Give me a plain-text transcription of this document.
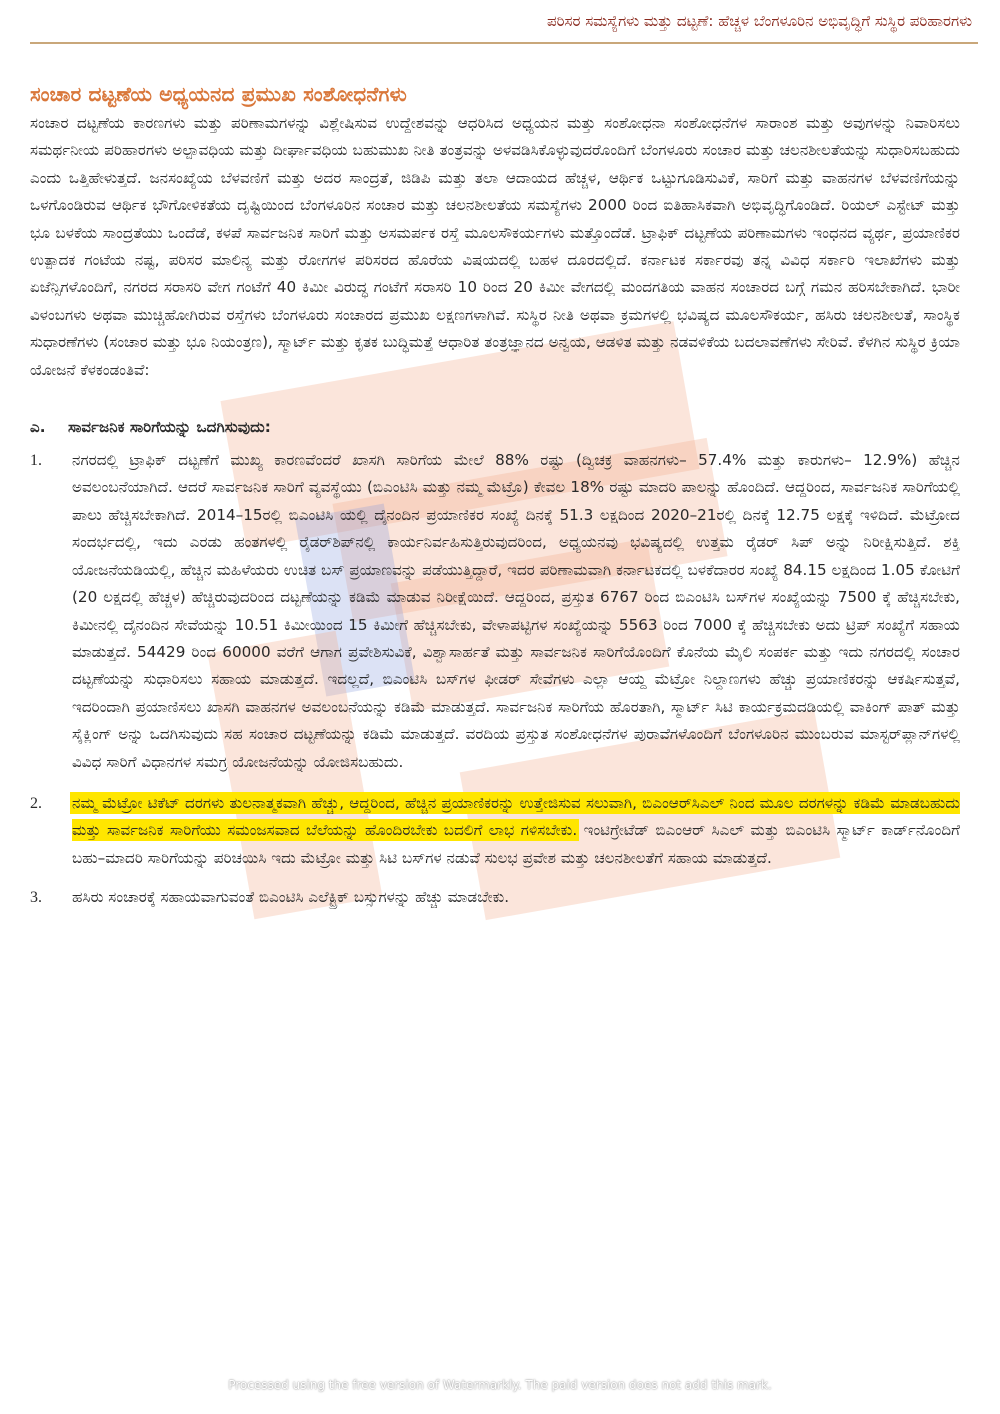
ಪರಿಸರ ಸಮಸ್ಯೆಗಳು ಮತ್ತು ದಟ್ಟಣೆ: ಹೆಚ್ಚಳ ಬೆಂಗಳೂರಿನ ಅಭಿವೃದ್ಧಿಗೆ ಸುಸ್ಥಿರ ಪರಿಹಾರಗಳು
ಸಂಚಾರ ದಟ್ಟಣೆಯ ಅಧ್ಯಯನದ ಪ್ರಮುಖ ಸಂಶೋಧನೆಗಳು

ಸಂಚಾರ ದಟ್ಟಣೆಯ ಕಾರಣಗಳು ಮತ್ತು ಪರಿಣಾಮಗಳನ್ನು ವಿಶ್ಲೇಷಿಸುವ ಉದ್ದೇಶವನ್ನು ಆಧರಿಸಿದ ಅಧ್ಯಯನ ಮತ್ತು ಸಂಶೋಧನಾ ಸಂಶೋಧನೆಗಳ ಸಾರಾಂಶ ಮತ್ತು ಅವುಗಳನ್ನು ನಿವಾರಿಸಲು ಸಮರ್ಥನೀಯ ಪರಿಹಾರಗಳು ಅಲ್ಪಾವಧಿಯ ಮತ್ತು ದೀರ್ಘಾವಧಿಯ ಬಹುಮುಖ ನೀತಿ ತಂತ್ರವನ್ನು ಅಳವಡಿಸಿಕೊಳ್ಳುವುದರೊಂದಿಗೆ ಬೆಂಗಳೂರು ಸಂಚಾರ ಮತ್ತು ಚಲನಶೀಲತೆಯನ್ನು ಸುಧಾರಿಸಬಹುದು ಎಂದು ಒತ್ತಿಹೇಳುತ್ತದೆ. ಜನಸಂಖ್ಯೆಯ ಬೆಳವಣಿಗೆ ಮತ್ತು ಅದರ ಸಾಂದ್ರತೆ, ಜಿಡಿಪಿ ಮತ್ತು ತಲಾ ಆದಾಯದ ಹೆಚ್ಚಳ, ಆರ್ಥಿಕ ಒಟ್ಟುಗೂಡಿಸುವಿಕೆ, ಸಾರಿಗೆ ಮತ್ತು ವಾಹನಗಳ ಬೆಳವಣಿಗೆಯನ್ನು ಒಳಗೊಂಡಿರುವ ಆರ್ಥಿಕ ಭೌಗೋಳಿಕತೆಯ ದೃಷ್ಟಿಯಿಂದ ಬೆಂಗಳೂರಿನ ಸಂಚಾರ ಮತ್ತು ಚಲನಶೀಲತೆಯ ಸಮಸ್ಯೆಗಳು 2000 ರಿಂದ ಐತಿಹಾಸಿಕವಾಗಿ ಅಭಿವೃದ್ಧಿಗೊಂಡಿದೆ. ರಿಯಲ್ ಎಸ್ಟೇಟ್ ಮತ್ತು ಭೂ ಬಳಕೆಯ ಸಾಂದ್ರತೆಯು ಒಂದೆಡೆ, ಕಳಪೆ ಸಾರ್ವಜನಿಕ ಸಾರಿಗೆ ಮತ್ತು ಅಸಮರ್ಪಕ ರಸ್ತೆ ಮೂಲಸೌಕರ್ಯಗಳು ಮತ್ತೊಂದೆಡೆ. ಟ್ರಾಫಿಕ್ ದಟ್ಟಣೆಯ ಪರಿಣಾಮಗಳು ಇಂಧನದ ವ್ಯರ್ಥ, ಪ್ರಯಾಣಿಕರ ಉತ್ಪಾದಕ ಗಂಟೆಯ ನಷ್ಟ, ಪರಿಸರ ಮಾಲಿನ್ಯ ಮತ್ತು ರೋಗಗಳ ಪರಿಸರದ ಹೊರೆಯ ವಿಷಯದಲ್ಲಿ ಬಹಳ ದೂರದಲ್ಲಿದೆ. ಕರ್ನಾಟಕ ಸರ್ಕಾರವು ತನ್ನ ವಿವಿಧ ಸರ್ಕಾರಿ ಇಲಾಖೆಗಳು ಮತ್ತು ಏಜೆನ್ಸಿಗಳೊಂದಿಗೆ, ನಗರದ ಸರಾಸರಿ ವೇಗ ಗಂಟೆಗೆ 40 ಕಿಮೀ ವಿರುದ್ಧ ಗಂಟೆಗೆ ಸರಾಸರಿ 10 ರಿಂದ 20 ಕಿಮೀ ವೇಗದಲ್ಲಿ ಮಂದಗತಿಯ ವಾಹನ ಸಂಚಾರದ ಬಗ್ಗೆ ಗಮನ ಹರಿಸಬೇಕಾಗಿದೆ. ಭಾರೀ ವಿಳಂಬಗಳು ಅಥವಾ ಮುಚ್ಚಿಹೋಗಿರುವ ರಸ್ತೆಗಳು ಬೆಂಗಳೂರು ಸಂಚಾರದ ಪ್ರಮುಖ ಲಕ್ಷಣಗಳಾಗಿವೆ. ಸುಸ್ಥಿರ ನೀತಿ ಅಥವಾ ಕ್ರಮಗಳಲ್ಲಿ ಭವಿಷ್ಯದ ಮೂಲಸೌಕರ್ಯ, ಹಸಿರು ಚಲನಶೀಲತೆ, ಸಾಂಸ್ಥಿಕ ಸುಧಾರಣೆಗಳು (ಸಂಚಾರ ಮತ್ತು ಭೂ ನಿಯಂತ್ರಣ), ಸ್ಮಾರ್ಟ್ ಮತ್ತು ಕೃತಕ ಬುದ್ಧಿಮತ್ತೆ ಆಧಾರಿತ ತಂತ್ರಜ್ಞಾನದ ಅನ್ವಯ, ಆಡಳಿತ ಮತ್ತು ನಡವಳಿಕೆಯ ಬದಲಾವಣೆಗಳು ಸೇರಿವೆ. ಕೆಳಗಿನ ಸುಸ್ಥಿರ ಕ್ರಿಯಾ ಯೋಜನೆ ಕೆಳಕಂಡಂತಿವೆ:

ಎ.	ಸಾರ್ವಜನಿಕ ಸಾರಿಗೆಯನ್ನು ಒದಗಿಸುವುದು:
1.	ನಗರದಲ್ಲಿ ಟ್ರಾಫಿಕ್ ದಟ್ಟಣೆಗೆ ಮುಖ್ಯ ಕಾರಣವೆಂದರೆ ಖಾಸಗಿ ಸಾರಿಗೆಯ ಮೇಲೆ 88% ರಷ್ಟು (ದ್ವಿಚಕ್ರ ವಾಹನಗಳು– 57.4% ಮತ್ತು ಕಾರುಗಳು– 12.9%) ಹೆಚ್ಚಿನ ಅವಲಂಬನೆಯಾಗಿದೆ. ಆದರೆ ಸಾರ್ವಜನಿಕ ಸಾರಿಗೆ ವ್ಯವಸ್ಥೆಯು (ಬಿಎಂಟಿಸಿ ಮತ್ತು ನಮ್ಮ ಮೆಟ್ರೊ) ಕೇವಲ 18% ರಷ್ಟು ಮಾದರಿ ಪಾಲನ್ನು ಹೊಂದಿದೆ. ಆದ್ದರಿಂದ, ಸಾರ್ವಜನಿಕ ಸಾರಿಗೆಯಲ್ಲಿ ಪಾಲು ಹೆಚ್ಚಿಸಬೇಕಾಗಿದೆ. 2014–15ರಲ್ಲಿ ಬಿಎಂಟಿಸಿ ಯಲ್ಲಿ ದೈನಂದಿನ ಪ್ರಯಾಣಿಕರ ಸಂಖ್ಯೆ ದಿನಕ್ಕೆ 51.3 ಲಕ್ಷದಿಂದ 2020–21ರಲ್ಲಿ ದಿನಕ್ಕೆ 12.75 ಲಕ್ಷಕ್ಕೆ ಇಳಿದಿದೆ. ಮೆಟ್ರೋದ ಸಂದರ್ಭದಲ್ಲಿ, ಇದು ಎರಡು ಹಂತಗಳಲ್ಲಿ ರೈಡರ್‌ಶಿಪ್‌ನಲ್ಲಿ ಕಾರ್ಯನಿರ್ವಹಿಸುತ್ತಿರುವುದರಿಂದ, ಅಧ್ಯಯನವು ಭವಿಷ್ಯದಲ್ಲಿ ಉತ್ತಮ ರೈಡರ್ ಸಿಪ್ ಅನ್ನು ನಿರೀಕ್ಷಿಸುತ್ತಿದೆ. ಶಕ್ತಿ ಯೋಜನೆಯಡಿಯಲ್ಲಿ, ಹೆಚ್ಚಿನ ಮಹಿಳೆಯರು ಉಚಿತ ಬಸ್ ಪ್ರಯಾಣವನ್ನು ಪಡೆಯುತ್ತಿದ್ದಾರೆ, ಇದರ ಪರಿಣಾಮವಾಗಿ ಕರ್ನಾಟಕದಲ್ಲಿ ಬಳಕೆದಾರರ ಸಂಖ್ಯೆ 84.15 ಲಕ್ಷದಿಂದ 1.05 ಕೋಟಿಗೆ (20 ಲಕ್ಷದಲ್ಲಿ ಹೆಚ್ಚಳ) ಹೆಚ್ಚಿರುವುದರಿಂದ ದಟ್ಟಣೆಯನ್ನು ಕಡಿಮೆ ಮಾಡುವ ನಿರೀಕ್ಷೆಯಿದೆ. ಆದ್ದರಿಂದ, ಪ್ರಸ್ತುತ 6767 ರಿಂದ ಬಿಎಂಟಿಸಿ ಬಸ್‌ಗಳ ಸಂಖ್ಯೆಯನ್ನು 7500 ಕ್ಕೆ ಹೆಚ್ಚಿಸಬೇಕು, ಕಿಮೀನಲ್ಲಿ ದೈನಂದಿನ ಸೇವೆಯನ್ನು 10.51 ಕಿಮೀಯಿಂದ 15 ಕಿಮೀಗೆ ಹೆಚ್ಚಿಸಬೇಕು, ವೇಳಾಪಟ್ಟಿಗಳ ಸಂಖ್ಯೆಯನ್ನು 5563 ರಿಂದ 7000 ಕ್ಕೆ ಹೆಚ್ಚಿಸಬೇಕು ಅದು ಟ್ರಿಪ್ ಸಂಖ್ಯೆಗೆ ಸಹಾಯ ಮಾಡುತ್ತದೆ. 54429 ರಿಂದ 60000 ವರೆಗೆ ಆಗಾಗ ಪ್ರವೇಶಿಸುವಿಕೆ, ವಿಶ್ವಾಸಾರ್ಹತೆ ಮತ್ತು ಸಾರ್ವಜನಿಕ ಸಾರಿಗೆಯೊಂದಿಗೆ ಕೊನೆಯ ಮೈಲಿ ಸಂಪರ್ಕ ಮತ್ತು ಇದು ನಗರದಲ್ಲಿ ಸಂಚಾರ ದಟ್ಟಣೆಯನ್ನು ಸುಧಾರಿಸಲು ಸಹಾಯ ಮಾಡುತ್ತದೆ. ಇದಲ್ಲದೆ, ಬಿಎಂಟಿಸಿ ಬಸ್‌ಗಳ ಫೀಡರ್ ಸೇವೆಗಳು ಎಲ್ಲಾ ಆಯ್ದ ಮೆಟ್ರೋ ನಿಲ್ದಾಣಗಳು ಹೆಚ್ಚು ಪ್ರಯಾಣಿಕರನ್ನು ಆಕರ್ಷಿಸುತ್ತವೆ, ಇದರಿಂದಾಗಿ ಪ್ರಯಾಣಿಸಲು ಖಾಸಗಿ ವಾಹನಗಳ ಅವಲಂಬನೆಯನ್ನು ಕಡಿಮೆ ಮಾಡುತ್ತದೆ. ಸಾರ್ವಜನಿಕ ಸಾರಿಗೆಯ ಹೊರತಾಗಿ, ಸ್ಮಾರ್ಟ್ ಸಿಟಿ ಕಾರ್ಯಕ್ರಮದಡಿಯಲ್ಲಿ ವಾಕಿಂಗ್ ಪಾತ್ ಮತ್ತು ಸೈಕ್ಲಿಂಗ್ ಅನ್ನು ಒದಗಿಸುವುದು ಸಹ ಸಂಚಾರ ದಟ್ಟಣೆಯನ್ನು ಕಡಿಮೆ ಮಾಡುತ್ತದೆ. ವರದಿಯ ಪ್ರಸ್ತುತ ಸಂಶೋಧನೆಗಳ ಪುರಾವೆಗಳೊಂದಿಗೆ ಬೆಂಗಳೂರಿನ ಮುಂಬರುವ ಮಾಸ್ಟರ್‌ಪ್ಲಾನ್‌ಗಳಲ್ಲಿ ವಿವಿಧ ಸಾರಿಗೆ ವಿಧಾನಗಳ ಸಮಗ್ರ ಯೋಜನೆಯನ್ನು ಯೋಜಿಸಬಹುದು.

2.	ನಮ್ಮ ಮೆಟ್ರೋ ಟಿಕೆಟ್ ದರಗಳು ತುಲನಾತ್ಮಕವಾಗಿ ಹೆಚ್ಚು, ಆದ್ದರಿಂದ, ಹೆಚ್ಚಿನ ಪ್ರಯಾಣಿಕರನ್ನು ಉತ್ತೇಜಿಸುವ ಸಲುವಾಗಿ, ಬಿಎಂಆರ್‌ಸಿಎಲ್ ನಿಂದ ಮೂಲ ದರಗಳನ್ನು ಕಡಿಮೆ ಮಾಡಬಹುದು ಮತ್ತು ಸಾರ್ವಜನಿಕ ಸಾರಿಗೆಯು ಸಮಂಜಸವಾದ ಬೆಲೆಯನ್ನು ಹೊಂದಿರಬೇಕು ಬದಲಿಗೆ ಲಾಭ ಗಳಿಸಬೇಕು. ಇಂಟಿಗ್ರೇಟೆಡ್ ಬಿಎಂಆರ್ ಸಿಎಲ್ ಮತ್ತು ಬಿಎಂಟಿಸಿ ಸ್ಮಾರ್ಟ್ ಕಾರ್ಡ್‌ನೊಂದಿಗೆ ಬಹು–ಮಾದರಿ ಸಾರಿಗೆಯನ್ನು ಪರಿಚಯಿಸಿ ಇದು ಮೆಟ್ರೋ ಮತ್ತು ಸಿಟಿ ಬಸ್‌ಗಳ ನಡುವೆ ಸುಲಭ ಪ್ರವೇಶ ಮತ್ತು ಚಲನಶೀಲತೆಗೆ ಸಹಾಯ ಮಾಡುತ್ತದೆ.

3.	ಹಸಿರು ಸಂಚಾರಕ್ಕೆ ಸಹಾಯವಾಗುವಂತೆ ಬಿಎಂಟಿಸಿ ಎಲೆಕ್ಟ್ರಿಕ್ ಬಸ್ಸುಗಳನ್ನು ಹೆಚ್ಚು ಮಾಡಬೇಕು.

Processed using the free version of Watermarkly. The paid version does not add this mark.
